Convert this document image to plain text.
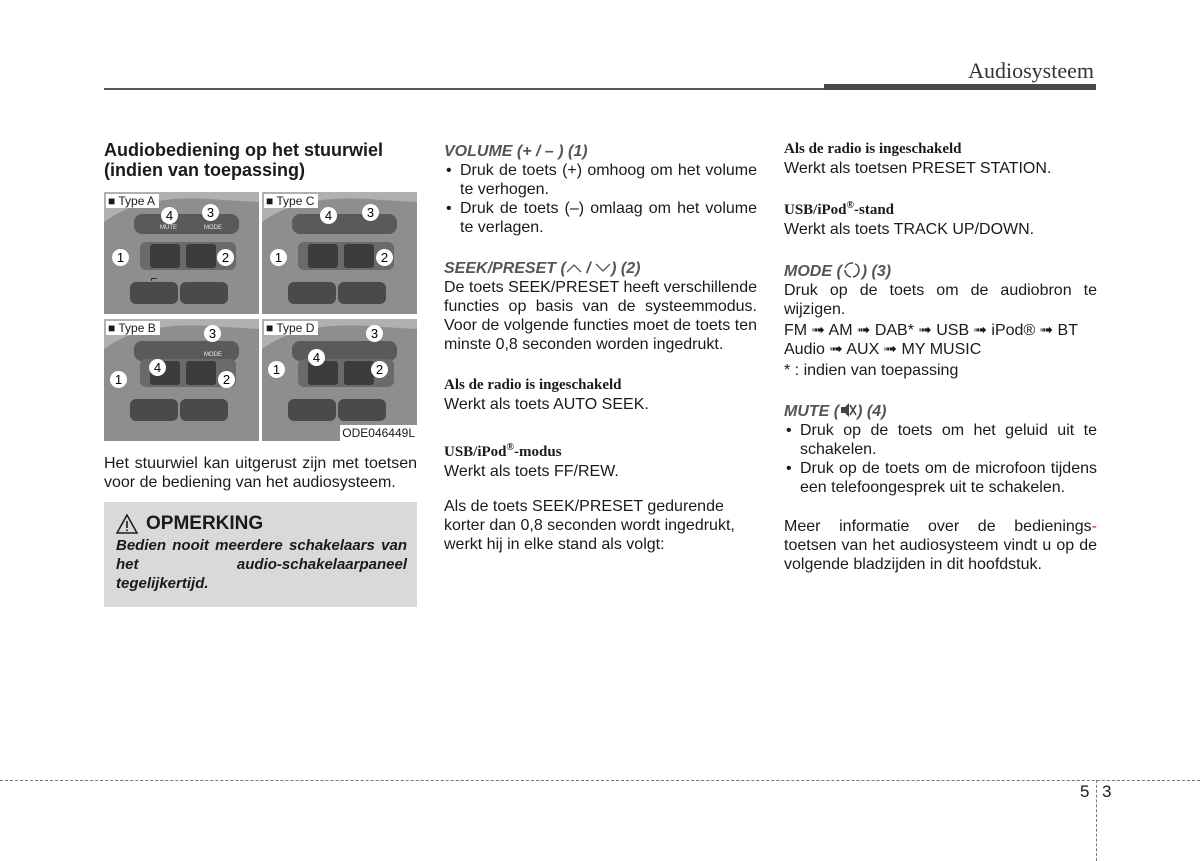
Audiosysteem
Audiobediening op het stuurwiel (indien van toepassing)
⌐
■ Type A
MUTE	MODE
4	3
1	2
■ Type C
4	3
1	2
■ Type B
MODE
3
4
1	2
■ Type D
4
1	2
3
ODE046449L

Het stuurwiel kan uitgerust zijn met toetsen voor de bediening van het audiosysteem.

OPMERKING
Bedien nooit meerdere schakelaars van het audio-schakelaarpaneel tegelijkertijd.
VOLUME (+ / – ) (1)
• Druk de toets (+) omhoog om het volume te verhogen.
• Druk de toets (–) omlaag om het volume te verlagen.
SEEK/PRESET ( / ) (2)

De toets SEEK/PRESET heeft verschillende functies op basis van de systeemmodus. Voor de volgende functies moet de toets ten minste 0,8 seconden worden ingedrukt.

Als de radio is ingeschakeld

Werkt als toets AUTO SEEK.

USB/iPod®-modus

Werkt als toets FF/REW.

Als de toets SEEK/PRESET gedurende korter dan 0,8 seconden wordt ingedrukt, werkt hij in elke stand als volgt:

Als de radio is ingeschakeld

Werkt als toetsen PRESET STATION.

USB/iPod®-stand

Werkt als toets TRACK UP/DOWN.

MODE ( ) (3)

Druk op de toets om de audiobron te wijzigen.

FM ➟ AM ➟ DAB* ➟ USB ➟ iPod® ➟ BT

Audio ➟ AUX ➟ MY MUSIC

* : indien van toepassing

MUTE ( ) (4)
• Druk op de toets om het geluid uit te schakelen.
• Druk op de toets om de microfoon tijdens een telefoongesprek uit te schakelen.

Meer informatie over de bedienings- toetsen van het audiosysteem vindt u op de volgende bladzijden in dit hoofdstuk.

5 3
